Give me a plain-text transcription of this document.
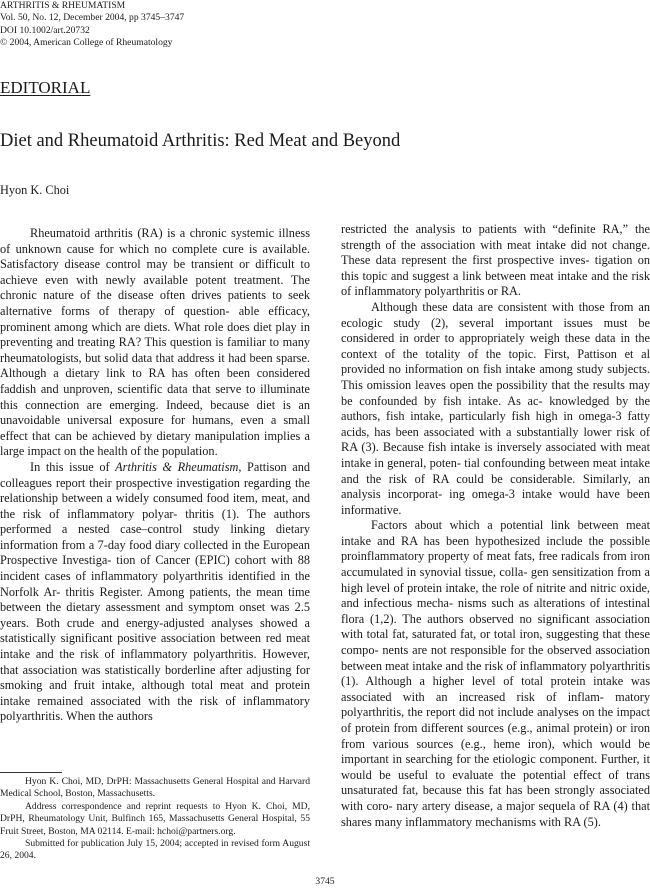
ARTHRITIS & RHEUMATISM
Vol. 50, No. 12, December 2004, pp 3745–3747
DOI 10.1002/art.20732
© 2004, American College of Rheumatology
EDITORIAL
Diet and Rheumatoid Arthritis: Red Meat and Beyond
Hyon K. Choi

Rheumatoid arthritis (RA) is a chronic systemic illness of unknown cause for which no complete cure is available. Satisfactory disease control may be transient or difficult to achieve even with newly available potent treatment. The chronic nature of the disease often drives patients to seek alternative forms of therapy of question- able efficacy, prominent among which are diets. What role does diet play in preventing and treating RA? This question is familiar to many rheumatologists, but solid data that address it had been sparse. Although a dietary link to RA has often been considered faddish and unproven, scientific data that serve to illuminate this connection are emerging. Indeed, because diet is an unavoidable universal exposure for humans, even a small effect that can be achieved by dietary manipulation implies a large impact on the health of the population.

In this issue of Arthritis & Rheumatism, Pattison and colleagues report their prospective investigation regarding the relationship between a widely consumed food item, meat, and the risk of inflammatory polyar- thritis (1). The authors performed a nested case–control study linking dietary information from a 7-day food diary collected in the European Prospective Investiga- tion of Cancer (EPIC) cohort with 88 incident cases of inflammatory polyarthritis identified in the Norfolk Ar- thritis Register. Among patients, the mean time between the dietary assessment and symptom onset was 2.5 years. Both crude and energy-adjusted analyses showed a statistically significant positive association between red meat intake and the risk of inflammatory polyarthritis. However, that association was statistically borderline after adjusting for smoking and fruit intake, although total meat and protein intake remained associated with the risk of inflammatory polyarthritis. When the authors

Hyon K. Choi, MD, DrPH: Massachusetts General Hospital and Harvard Medical School, Boston, Massachusetts.

Address correspondence and reprint requests to Hyon K. Choi, MD, DrPH, Rheumatology Unit, Bulfinch 165, Massachusetts General Hospital, 55 Fruit Street, Boston, MA 02114. E-mail: hchoi@partners.org.

Submitted for publication July 15, 2004; accepted in revised form August 26, 2004.

restricted the analysis to patients with “definite RA,” the strength of the association with meat intake did not change. These data represent the first prospective inves- tigation on this topic and suggest a link between meat intake and the risk of inflammatory polyarthritis or RA.

Although these data are consistent with those from an ecologic study (2), several important issues must be considered in order to appropriately weigh these data in the context of the totality of the topic. First, Pattison et al provided no information on fish intake among study subjects. This omission leaves open the possibility that the results may be confounded by fish intake. As ac- knowledged by the authors, fish intake, particularly fish high in omega-3 fatty acids, has been associated with a substantially lower risk of RA (3). Because fish intake is inversely associated with meat intake in general, poten- tial confounding between meat intake and the risk of RA could be considerable. Similarly, an analysis incorporat- ing omega-3 intake would have been informative.

Factors about which a potential link between meat intake and RA has been hypothesized include the possible proinflammatory property of meat fats, free radicals from iron accumulated in synovial tissue, colla- gen sensitization from a high level of protein intake, the role of nitrite and nitric oxide, and infectious mecha- nisms such as alterations of intestinal flora (1,2). The authors observed no significant association with total fat, saturated fat, or total iron, suggesting that these compo- nents are not responsible for the observed association between meat intake and the risk of inflammatory polyarthritis (1). Although a higher level of total protein intake was associated with an increased risk of inflam- matory polyarthritis, the report did not include analyses on the impact of protein from different sources (e.g., animal protein) or iron from various sources (e.g., heme iron), which would be important in searching for the etiologic component. Further, it would be useful to evaluate the potential effect of trans unsaturated fat, because this fat has been strongly associated with coro- nary artery disease, a major sequela of RA (4) that shares many inflammatory mechanisms with RA (5).

3745
